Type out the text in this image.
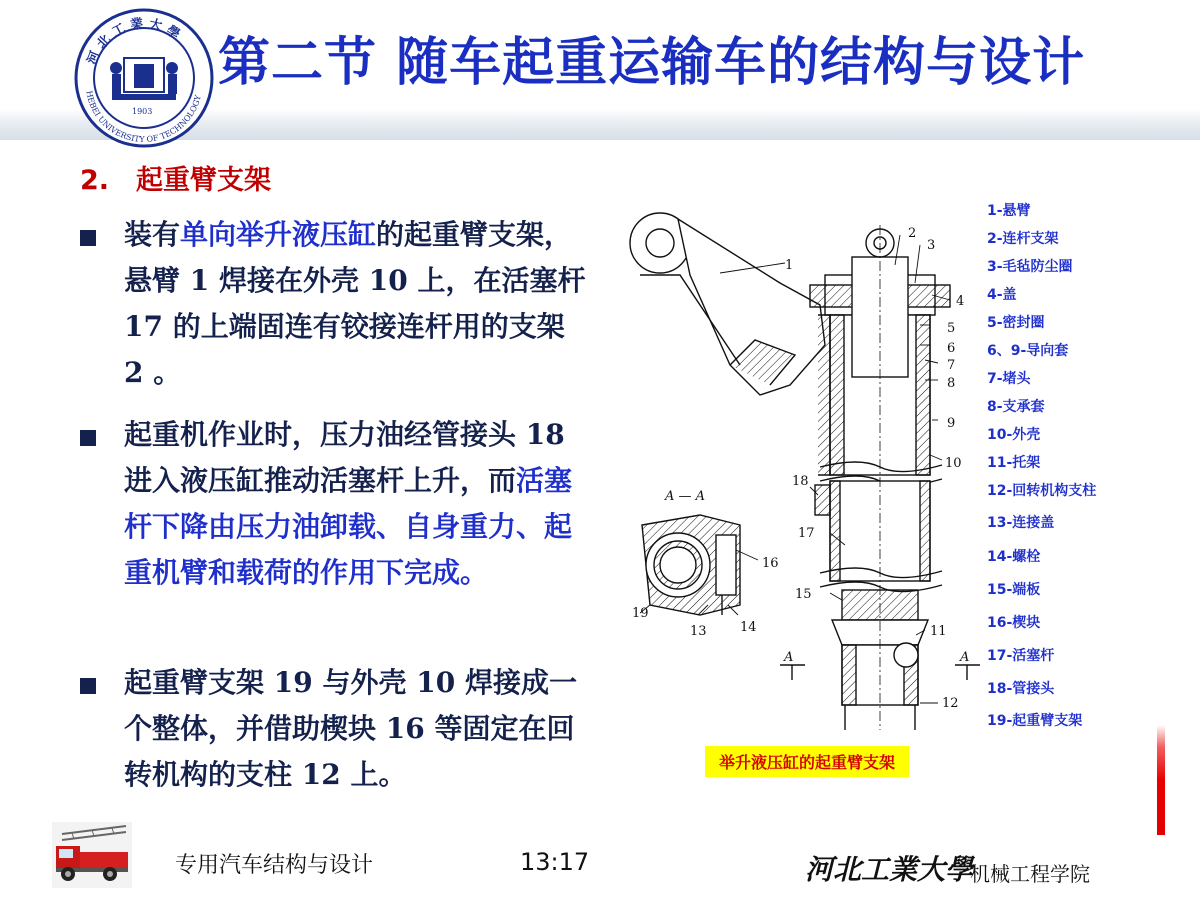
河 北 工 業 大 學
HEBEI UNIVERSITY OF TECHNOLOGY
1903
第二节 随车起重运输车的结构与设计
2. 起重臂支架
装有单向举升液压缸的起重臂支架，悬臂 1 焊接在外壳 10 上，在活塞杆 17 的上端固连有铰接连杆用的支架 2 。
起重机作业时，压力油经管接头 18 进入液压缸推动活塞杆上升，而活塞杆下降由压力油卸载、自身重力、起重机臂和载荷的作用下完成。
起重臂支架 19 与外壳 10 焊接成一个整体，并借助楔块 16 等固定在回转机构的支柱 12 上。
1
2
3
4
5
6
7
8
9
10
11
12
13	14
15
16
17
18
19
A — A
A	A
1-悬臂
2-连杆支架
3-毛毡防尘圈
4-盖
5-密封圈
6、9-导向套
7-堵头
8-支承套
10-外壳
11-托架
12-回转机构支柱
13-连接盖
14-螺栓
15-端板
16-楔块
17-活塞杆
18-管接头
19-起重臂支架
举升液压缸的起重臂支架
专用汽车结构与设计	13:17	河北工業大學
机械工程学院
